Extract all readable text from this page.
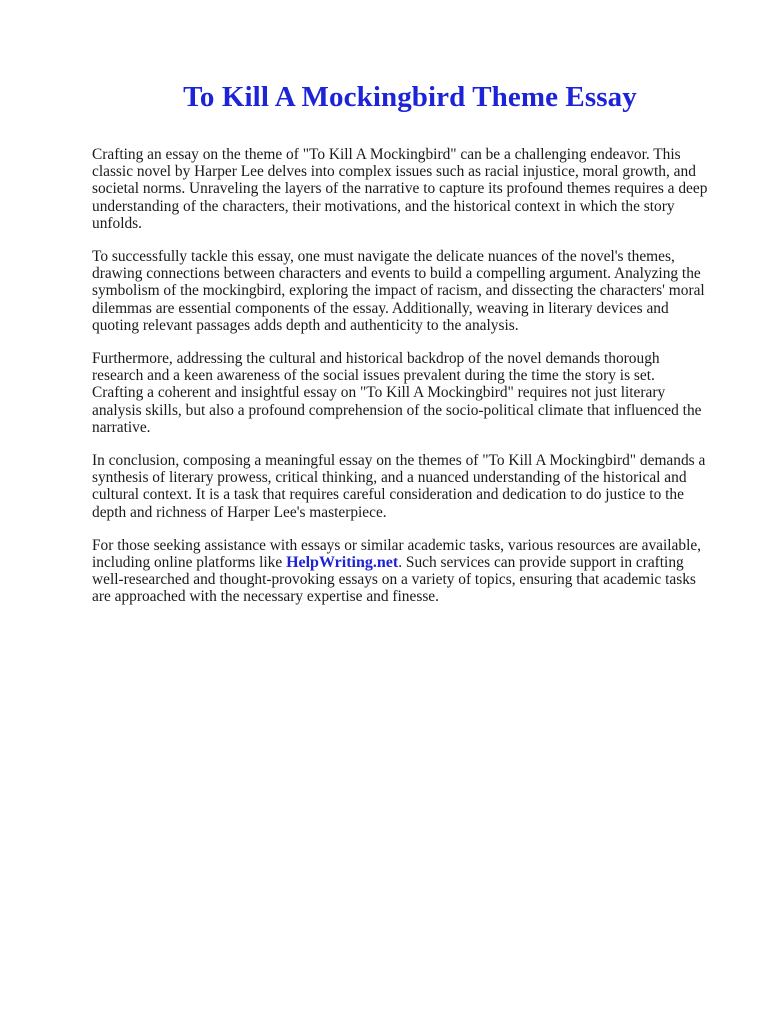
To Kill A Mockingbird Theme Essay

Crafting an essay on the theme of "To Kill A Mockingbird" can be a challenging endeavor. This classic novel by Harper Lee delves into complex issues such as racial injustice, moral growth, and societal norms. Unraveling the layers of the narrative to capture its profound themes requires a deep understanding of the characters, their motivations, and the historical context in which the story unfolds.

To successfully tackle this essay, one must navigate the delicate nuances of the novel's themes, drawing connections between characters and events to build a compelling argument. Analyzing the symbolism of the mockingbird, exploring the impact of racism, and dissecting the characters' moral dilemmas are essential components of the essay. Additionally, weaving in literary devices and quoting relevant passages adds depth and authenticity to the analysis.

Furthermore, addressing the cultural and historical backdrop of the novel demands thorough research and a keen awareness of the social issues prevalent during the time the story is set. Crafting a coherent and insightful essay on "To Kill A Mockingbird" requires not just literary analysis skills, but also a profound comprehension of the socio-political climate that influenced the narrative.

In conclusion, composing a meaningful essay on the themes of "To Kill A Mockingbird" demands a synthesis of literary prowess, critical thinking, and a nuanced understanding of the historical and cultural context. It is a task that requires careful consideration and dedication to do justice to the depth and richness of Harper Lee's masterpiece.

For those seeking assistance with essays or similar academic tasks, various resources are available, including online platforms like HelpWriting.net. Such services can provide support in crafting well-researched and thought-provoking essays on a variety of topics, ensuring that academic tasks are approached with the necessary expertise and finesse.
